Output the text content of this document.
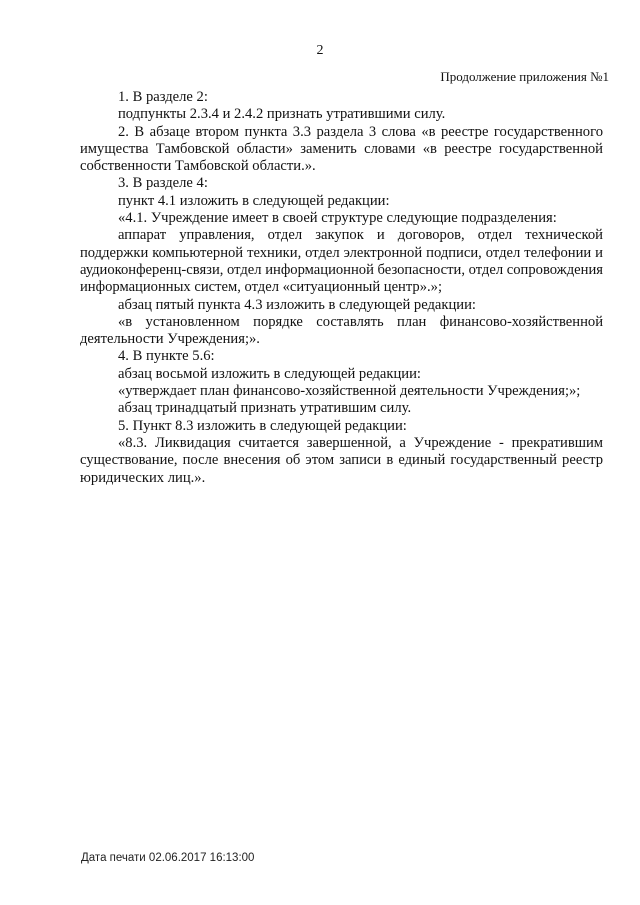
2
Продолжение приложения №1

1. В разделе 2:

подпункты 2.3.4 и 2.4.2 признать утратившими силу.

2. В абзаце втором пункта 3.3 раздела 3 слова «в реестре государственного имущества Тамбовской области» заменить словами «в реестре государственной собственности Тамбовской области.».

3. В разделе 4:

пункт 4.1 изложить в следующей редакции:

«4.1. Учреждение имеет в своей структуре следующие подразделения:

аппарат управления, отдел закупок и договоров, отдел технической поддержки компьютерной техники, отдел электронной подписи, отдел телефонии и аудиоконференц-связи, отдел информационной безопасности, отдел сопровождения информационных систем, отдел «ситуационный центр».»;

абзац пятый пункта 4.3 изложить в следующей редакции:

«в установленном порядке составлять план финансово-хозяйственной деятельности Учреждения;».

4. В пункте 5.6:

абзац восьмой изложить в следующей редакции:

«утверждает план финансово-хозяйственной деятельности Учреждения;»;

абзац тринадцатый признать утратившим силу.

5. Пункт 8.3 изложить в следующей редакции:

«8.3. Ликвидация считается завершенной, а Учреждение - прекратившим существование, после внесения об этом записи в единый государственный реестр юридических лиц.».

Дата печати 02.06.2017 16:13:00
